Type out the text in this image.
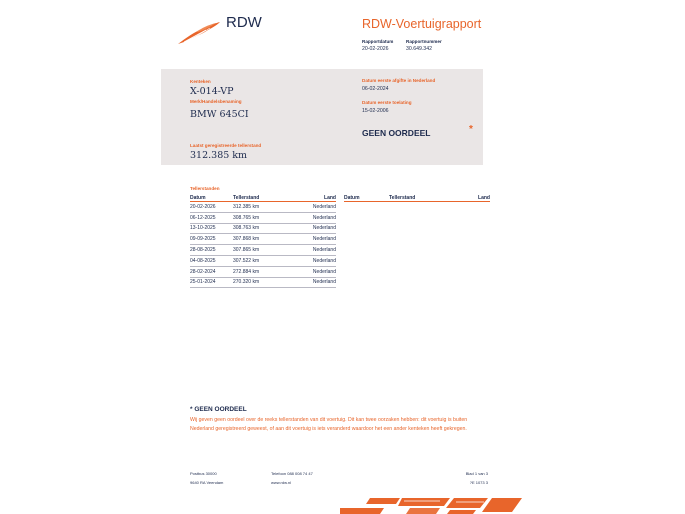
RDW	RDW-Voertuigrapport
Rapportdatum
20-02-2026
Rapportnummer
30.649.342
Kenteken
X-014-VP
Merk/Handelsbenaming
BMW 645CI
Laatst geregistreerde tellerstand
312.385 km
Datum eerste afgifte in Nederland
06-02-2024
Datum eerste toelating
15-02-2006
GEEN OORDEEL	*
Tellerstanden
Datum	Tellerstand	Land
20-02-2026	312.385 km	Nederland
06-12-2025	308.765 km	Nederland
13-10-2025	308.763 km	Nederland
09-09-2025	307.868 km	Nederland
28-08-2025	307.865 km	Nederland
04-08-2025	307.522 km	Nederland
28-02-2024	272.884 km	Nederland
25-01-2024	270.320 km	Nederland
Datum	Tellerstand	Land
* GEEN OORDEEL
Wij geven geen oordeel over de reeks tellerstanden van dit voertuig. Dit kan twee oorzaken hebben: dit voertuig is buiten Nederland geregistreerd geweest, of aan dit voertuig is iets veranderd waardoor het een ander kenteken heeft gekregen.
Postbus 30000
9640 RA Veendam
Telefoon 088 008 74 47
www.rdw.nl
Blad 1 van 3
3 E 1073?
